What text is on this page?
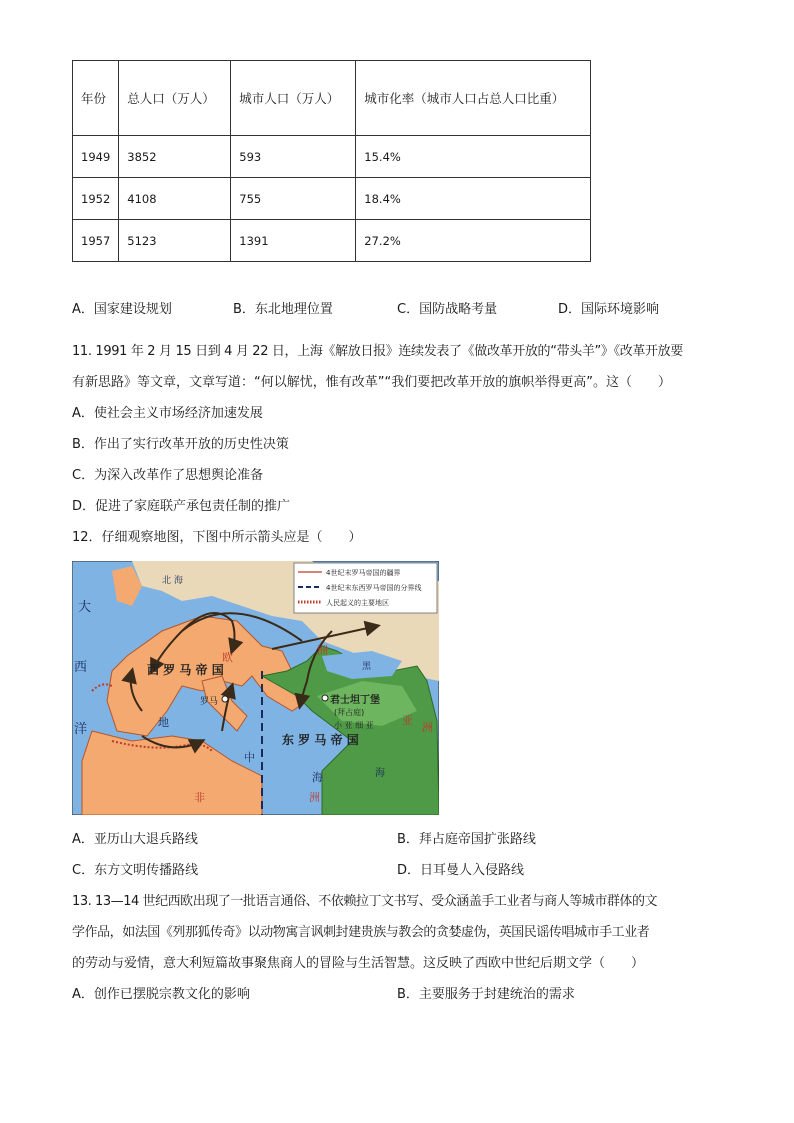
年份	总人口（万人）	城市人口（万人）	城市化率（城市人口占总人口比重）
1949	3852	593	15.4%
1952	4108	755	18.4%
1957	5123	1391	27.2%
A．国家建设规划	B．东北地理位置	C．国防战略考量	D．国际环境影响
11. 1991 年 2 月 15 日到 4 月 22 日，上海《解放日报》连续发表了《做改革开放的“带头羊”》《改革开放要
有新思路》等文章，文章写道：“何以解忧，惟有改革”“我们要把改革开放的旗帜举得更高”。这（　　）
A．使社会主义市场经济加速发展
B．作出了实行改革开放的历史性决策
C．为深入改革作了思想舆论准备
D．促进了家庭联产承包责任制的推广
12．仔细观察地图，下图中所示箭头应是（　　）
4世纪末罗马帝国的疆界
4世纪末东西罗马帝国的分界线
人民起义的主要地区
大
西
洋
北 海
西 罗 马 帝 国
东 罗 马 帝 国
罗马	君士坦丁堡
(拜占庭)
小 亚 细 亚
欧
洲
亚
洲
非	洲
地
中
海
黑
海
A．亚历山大退兵路线	B．拜占庭帝国扩张路线
C．东方文明传播路线	D．日耳曼人入侵路线
13. 13—14 世纪西欧出现了一批语言通俗、不依赖拉丁文书写、受众涵盖手工业者与商人等城市群体的文
学作品，如法国《列那狐传奇》以动物寓言讽刺封建贵族与教会的贪婪虚伪，英国民谣传唱城市手工业者
的劳动与爱情，意大利短篇故事聚焦商人的冒险与生活智慧。这反映了西欧中世纪后期文学（　　）
A．创作已摆脱宗教文化的影响	B．主要服务于封建统治的需求
